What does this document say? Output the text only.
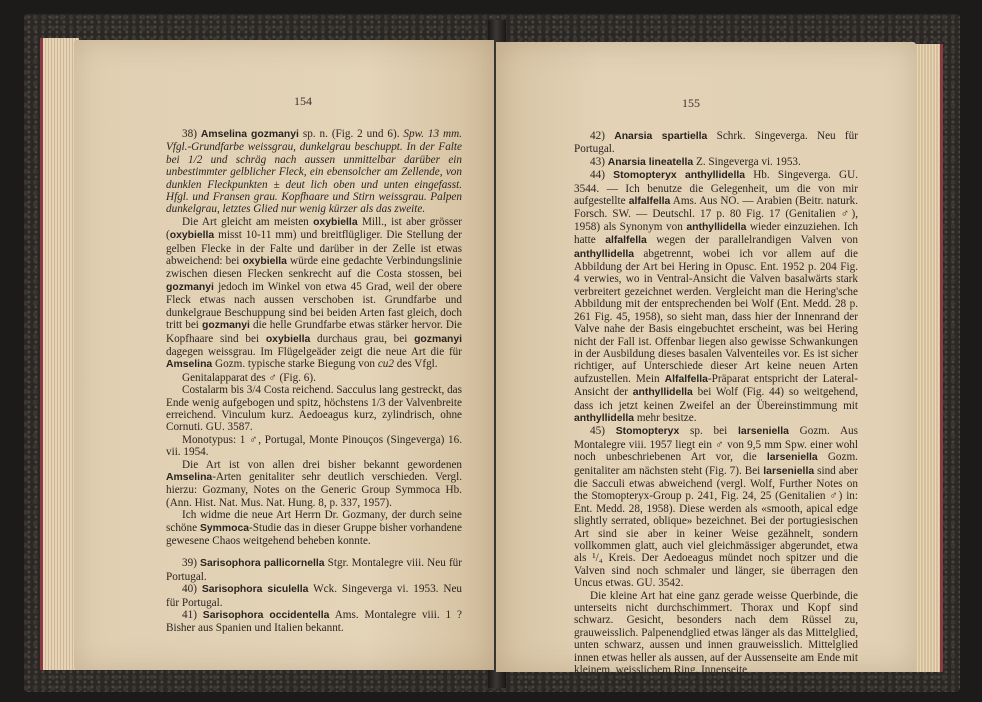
154

38) Amselina gozmanyi sp. n. (Fig. 2 und 6). Spw. 13 mm. Vfgl.-Grundfarbe weissgrau, dunkelgrau beschuppt. In der Falte bei 1/2 und schräg nach aussen unmittelbar darüber ein unbestimmter gelblicher Fleck, ein ebensolcher am Zellende, von dunklen Fleckpunkten ± deut lich oben und unten eingefasst. Hfgl. und Fransen grau. Kopfhaare und Stirn weissgrau. Palpen dunkelgrau, letztes Glied nur wenig kürzer als das zweite.

Die Art gleicht am meisten oxybiella Mill., ist aber grösser (oxybiella misst 10-11 mm) und breitflügliger. Die Stellung der gelben Flecke in der Falte und darüber in der Zelle ist etwas abweichend: bei oxybiella würde eine gedachte Verbindungslinie zwischen diesen Flecken senkrecht auf die Costa stossen, bei gozmanyi jedoch im Winkel von etwa 45 Grad, weil der obere Fleck etwas nach aussen verschoben ist. Grundfarbe und dunkelgraue Beschuppung sind bei beiden Arten fast gleich, doch tritt bei gozmanyi die helle Grundfarbe etwas stärker hervor. Die Kopfhaare sind bei oxybiella durchaus grau, bei gozmanyi dagegen weissgrau. Im Flügelgeäder zeigt die neue Art die für Amselina Gozm. typische starke Biegung von cu2 des Vfgl.

Genitalapparat des ♂ (Fig. 6).

Costalarm bis 3/4 Costa reichend. Sacculus lang gestreckt, das Ende wenig aufgebogen und spitz, höchstens 1/3 der Valvenbreite erreichend. Vinculum kurz. Aedoeagus kurz, zylindrisch, ohne Cornuti. GU. 3587.

Monotypus: 1 ♂, Portugal, Monte Pinouços (Singeverga) 16. vii. 1954.

Die Art ist von allen drei bisher bekannt gewordenen Amselina-Arten genitaliter sehr deutlich verschieden. Vergl. hierzu: Gozmany, Notes on the Generic Group Symmoca Hb. (Ann. Hist. Nat. Mus. Nat. Hung. 8, p. 337, 1957).

Ich widme die neue Art Herrn Dr. Gozmany, der durch seine schöne Symmoca-Studie das in dieser Gruppe bisher vorhandene gewesene Chaos weitgehend beheben konnte.

39) Sarisophora pallicornella Stgr. Montalegre viii. Neu für Portugal.

40) Sarisophora siculella Wck. Singeverga vi. 1953. Neu für Portugal.

41) Sarisophora occidentella Ams. Montalegre viii. 1 ? Bisher aus Spanien und Italien bekannt.

155

42) Anarsia spartiella Schrk. Singeverga. Neu für Portugal.

43) Anarsia lineatella Z. Singeverga vi. 1953.

44) Stomopteryx anthyllidella Hb. Singeverga. GU. 3544. — Ich benutze die Gelegenheit, um die von mir aufgestellte alfalfella Ams. Aus NO. — Arabien (Beitr. naturk. Forsch. SW. — Deutschl. 17 p. 80 Fig. 17 (Genitalien ♂), 1958) als Synonym von anthyllidella wieder einzuziehen. Ich hatte alfalfella wegen der parallelrandigen Valven von anthyllidella abgetrennt, wobei ich vor allem auf die Abbildung der Art bei Hering in Opusc. Ent. 1952 p. 204 Fig. 4 verwies, wo in Ventral-Ansicht die Valven basalwärts stark verbreitert gezeichnet werden. Vergleicht man die Hering'sche Abbildung mit der entsprechenden bei Wolf (Ent. Medd. 28 p. 261 Fig. 45, 1958), so sieht man, dass hier der Innenrand der Valve nahe der Basis eingebuchtet erscheint, was bei Hering nicht der Fall ist. Offenbar liegen also gewisse Schwankungen in der Ausbildung dieses basalen Valventeiles vor. Es ist sicher richtiger, auf Unterschiede dieser Art keine neuen Arten aufzustellen. Mein Alfalfella-Präparat entspricht der Lateral-Ansicht der anthyllidella bei Wolf (Fig. 44) so weitgehend, dass ich jetzt keinen Zweifel an der Übereinstimmung mit anthyllidella mehr besitze.

45) Stomopteryx sp. bei larseniella Gozm. Aus Montalegre viii. 1957 liegt ein ♂ von 9,5 mm Spw. einer wohl noch unbeschriebenen Art vor, die larseniella Gozm. genitaliter am nächsten steht (Fig. 7). Bei larseniella sind aber die Sacculi etwas abweichend (vergl. Wolf, Further Notes on the Stomopteryx-Group p. 241, Fig. 24, 25 (Genitalien ♂) in: Ent. Medd. 28, 1958). Diese werden als «smooth, apical edge slightly serrated, oblique» bezeichnet. Bei der portugiesischen Art sind sie aber in keiner Weise gezähnelt, sondern vollkommen glatt, auch viel gleichmässiger abgerundet, etwa als ¹/₄ Kreis. Der Aedoeagus mündet noch spitzer und die Valven sind noch schmaler und länger, sie überragen den Uncus etwas. GU. 3542.

Die kleine Art hat eine ganz gerade weisse Querbinde, die unterseits nicht durchschimmert. Thorax und Kopf sind schwarz. Gesicht, besonders nach dem Rüssel zu, grauweisslich. Palpenendglied etwas länger als das Mittelglied, unten schwarz, aussen und innen grauweisslich. Mittelglied innen etwas heller als aussen, auf der Aussenseite am Ende mit kleinem, weisslichem Ring. Innenseite
